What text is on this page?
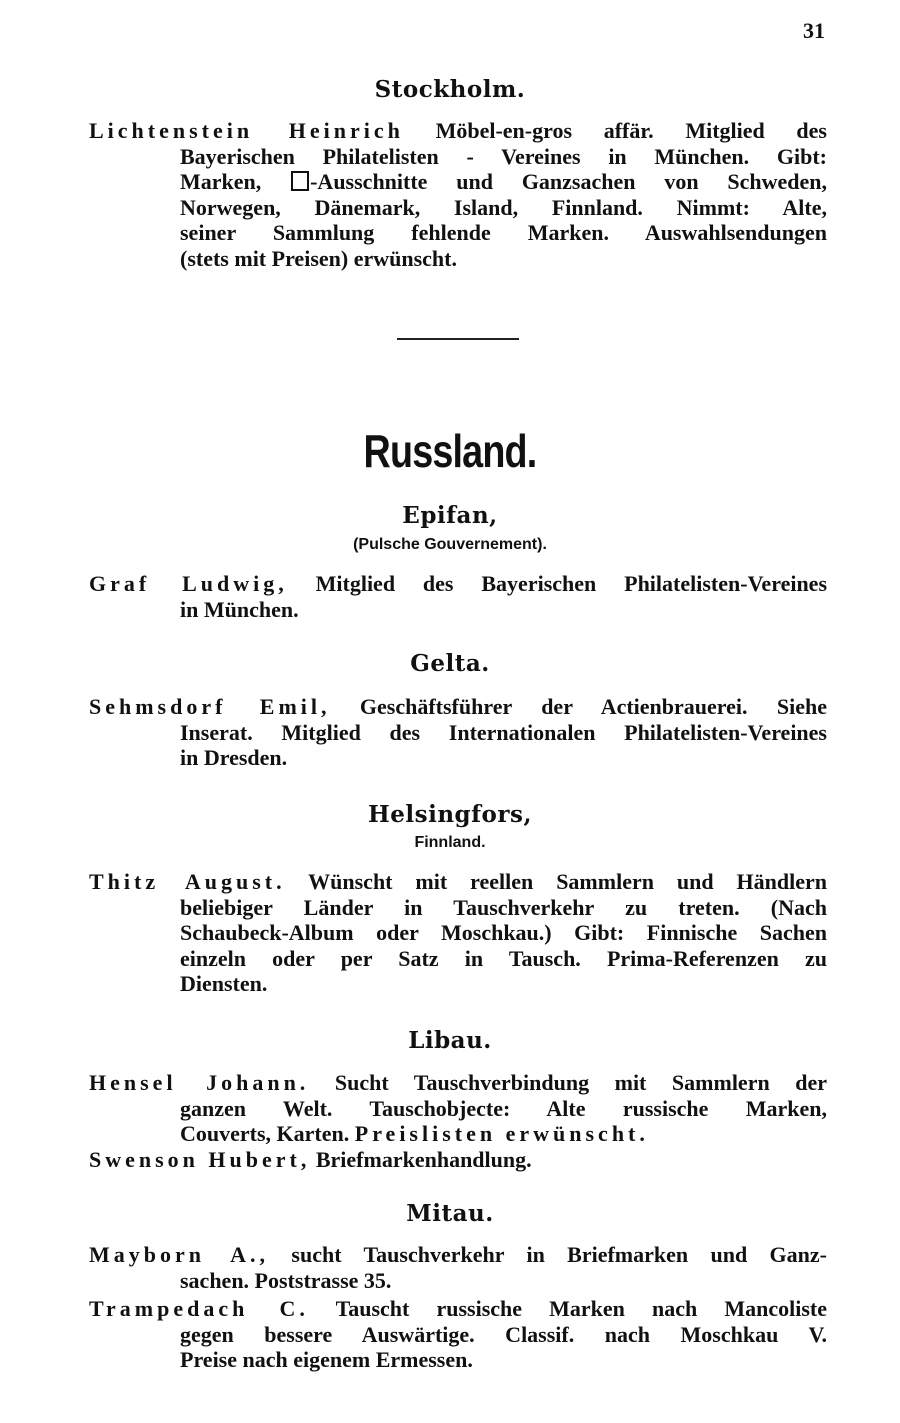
31
Stockholm.
Lichtenstein Heinrich Möbel-en-gros affär. Mitglied des
Bayerischen Philatelisten - Vereines in München. Gibt:
Marken, -Ausschnitte und Ganzsachen von Schweden,
Norwegen, Dänemark, Island, Finnland. Nimmt: Alte,
seiner Sammlung fehlende Marken. Auswahlsendungen
(stets mit Preisen) erwünscht.
Russland.
Epifan,
(Pulsche Gouvernement).
Graf Ludwig, Mitglied des Bayerischen Philatelisten-Vereines
in München.
Gelta.
Sehmsdorf Emil, Geschäftsführer der Actienbrauerei. Siehe
Inserat. Mitglied des Internationalen Philatelisten-Vereines
in Dresden.
Helsingfors,
Finnland.
Thitz August. Wünscht mit reellen Sammlern und Händlern
beliebiger Länder in Tauschverkehr zu treten. (Nach
Schaubeck-Album oder Moschkau.) Gibt: Finnische Sachen
einzeln oder per Satz in Tausch. Prima-Referenzen zu
Diensten.
Libau.
Hensel Johann. Sucht Tauschverbindung mit Sammlern der
ganzen Welt. Tauschobjecte: Alte russische Marken,
Couverts, Karten. Preislisten erwünscht.
Swenson Hubert, Briefmarkenhandlung.
Mitau.
Mayborn A., sucht Tauschverkehr in Briefmarken und Ganz-
sachen. Poststrasse 35.
Trampedach C. Tauscht russische Marken nach Mancoliste
gegen bessere Auswärtige. Classif. nach Moschkau V.
Preise nach eigenem Ermessen.
